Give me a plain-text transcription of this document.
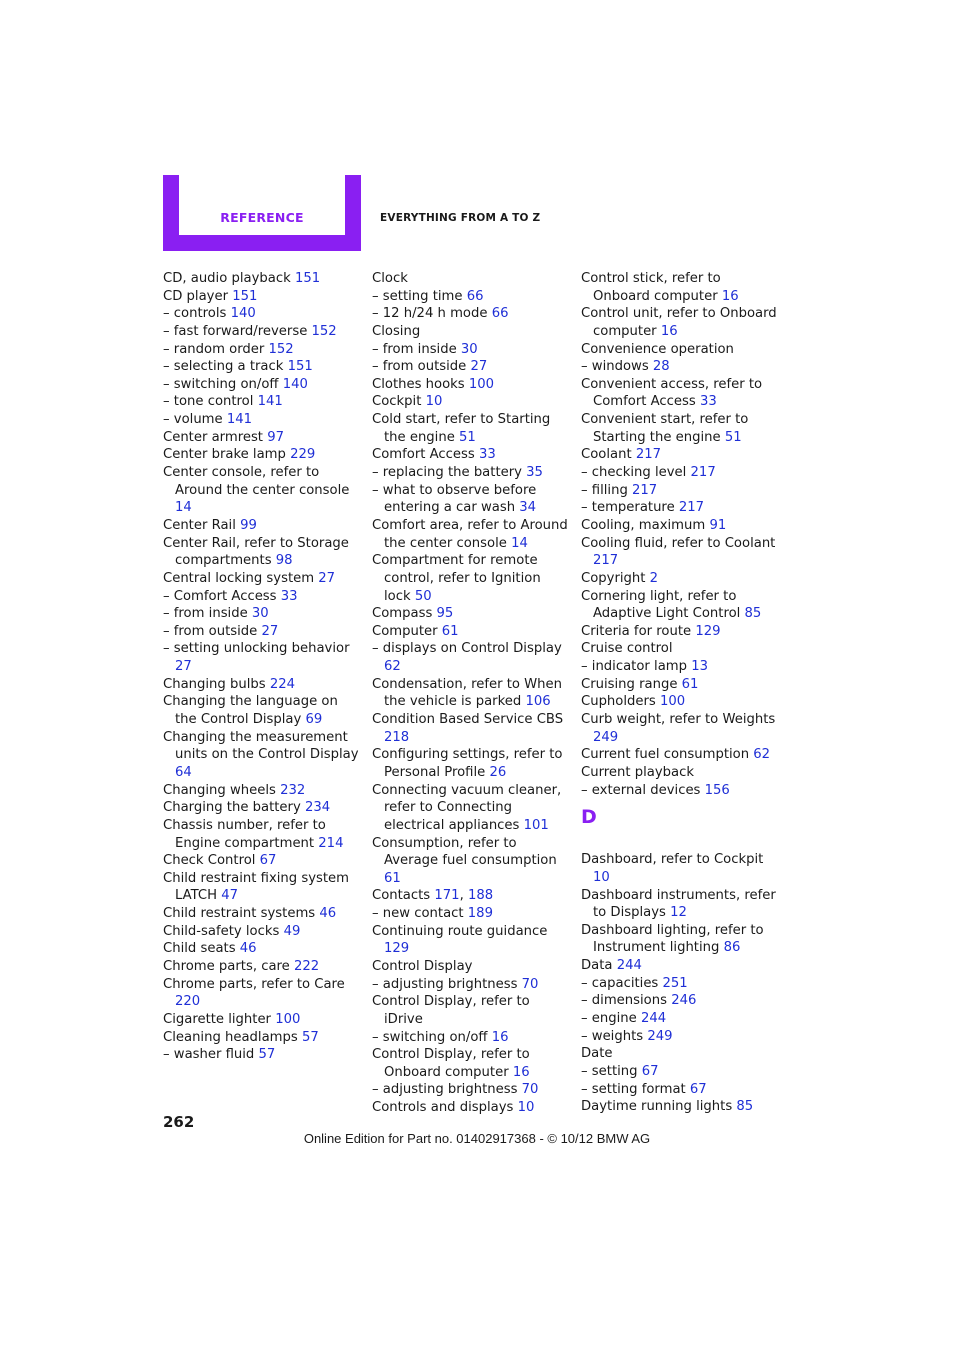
REFERENCE	EVERYTHING FROM A TO Z
CD, audio playback 151
CD player 151
– controls 140
– fast forward/reverse 152
– random order 152
– selecting a track 151
– switching on/off 140
– tone control 141
– volume 141
Center armrest 97
Center brake lamp 229
Center console, refer to Around the center console 14
Center Rail 99
Center Rail, refer to Storage compartments 98
Central locking system 27
– Comfort Access 33
– from inside 30
– from outside 27
– setting unlocking behavior 27
Changing bulbs 224
Changing the language on the Control Display 69
Changing the measurement units on the Control Display 64
Changing wheels 232
Charging the battery 234
Chassis number, refer to Engine compartment 214
Check Control 67
Child restraint fixing system LATCH 47
Child restraint systems 46
Child-safety locks 49
Child seats 46
Chrome parts, care 222
Chrome parts, refer to Care 220
Cigarette lighter 100
Cleaning headlamps 57
– washer fluid 57
Clock
– setting time 66
– 12 h/24 h mode 66
Closing
– from inside 30
– from outside 27
Clothes hooks 100
Cockpit 10
Cold start, refer to Starting the engine 51
Comfort Access 33
– replacing the battery 35
– what to observe before entering a car wash 34
Comfort area, refer to Around the center console 14
Compartment for remote control, refer to Ignition lock 50
Compass 95
Computer 61
– displays on Control Display 62
Condensation, refer to When the vehicle is parked 106
Condition Based Service CBS 218
Configuring settings, refer to Personal Profile 26
Connecting vacuum cleaner, refer to Connecting electrical appliances 101
Consumption, refer to Average fuel consumption 61
Contacts 171, 188
– new contact 189
Continuing route guidance 129
Control Display
– adjusting brightness 70
Control Display, refer to iDrive
– switching on/off 16
Control Display, refer to Onboard computer 16
– adjusting brightness 70
Controls and displays 10
Control stick, refer to Onboard computer 16
Control unit, refer to Onboard computer 16
Convenience operation
– windows 28
Convenient access, refer to Comfort Access 33
Convenient start, refer to Starting the engine 51
Coolant 217
– checking level 217
– filling 217
– temperature 217
Cooling, maximum 91
Cooling fluid, refer to Coolant 217
Copyright 2
Cornering light, refer to Adaptive Light Control 85
Criteria for route 129
Cruise control
– indicator lamp 13
Cruising range 61
Cupholders 100
Curb weight, refer to Weights 249
Current fuel consumption 62
Current playback
– external devices 156
D
Dashboard, refer to Cockpit 10
Dashboard instruments, refer to Displays 12
Dashboard lighting, refer to Instrument lighting 86
Data 244
– capacities 251
– dimensions 246
– engine 244
– weights 249
Date
– setting 67
– setting format 67
Daytime running lights 85
262
Online Edition for Part no. 01402917368 - © 10/12 BMW AG
